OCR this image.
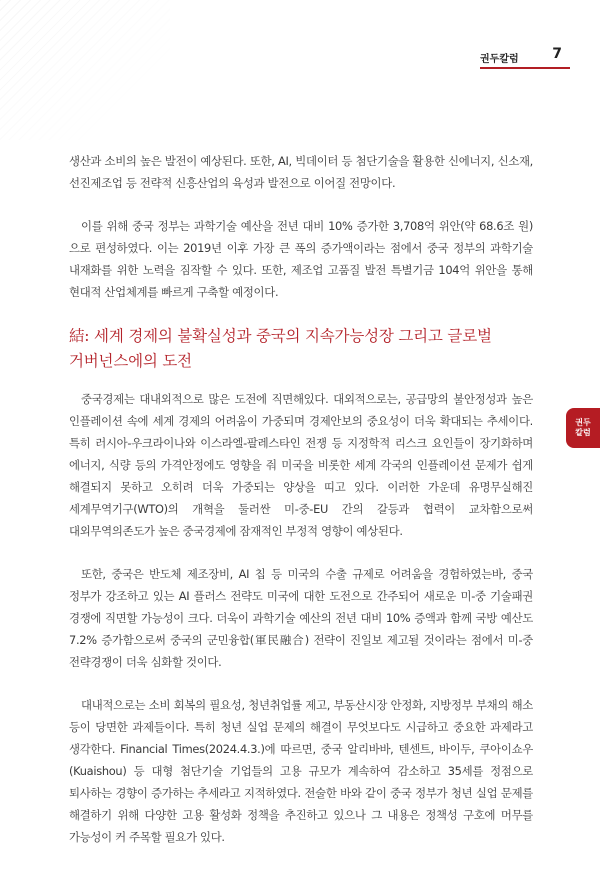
권두칼럼 7
권두
칼럼

생산과 소비의 높은 발전이 예상된다. 또한, AI, 빅데이터 등 첨단기술을 활용한 신에너지, 신소재, 선진제조업 등 전략적 신흥산업의 육성과 발전으로 이어질 전망이다.

이를 위해 중국 정부는 과학기술 예산을 전년 대비 10% 증가한 3,708억 위안(약 68.6조 원)으로 편성하였다. 이는 2019년 이후 가장 큰 폭의 증가액이라는 점에서 중국 정부의 과학기술 내재화를 위한 노력을 짐작할 수 있다. 또한, 제조업 고품질 발전 특별기금 104억 위안을 통해 현대적 산업체계를 빠르게 구축할 예정이다.

結: 세계 경제의 불확실성과 중국의 지속가능성장 그리고 글로벌 거버넌스에의 도전

중국경제는 대내외적으로 많은 도전에 직면해있다. 대외적으로는, 공급망의 불안정성과 높은 인플레이션 속에 세계 경제의 어려움이 가중되며 경제안보의 중요성이 더욱 확대되는 추세이다. 특히 러시아-우크라이나와 이스라엘-팔레스타인 전쟁 등 지정학적 리스크 요인들이 장기화하며 에너지, 식량 등의 가격안정에도 영향을 줘 미국을 비롯한 세계 각국의 인플레이션 문제가 쉽게 해결되지 못하고 오히려 더욱 가중되는 양상을 띠고 있다. 이러한 가운데 유명무실해진 세계무역기구(WTO)의 개혁을 둘러싼 미-중-EU 간의 갈등과 협력이 교차함으로써 대외무역의존도가 높은 중국경제에 잠재적인 부정적 영향이 예상된다.

또한, 중국은 반도체 제조장비, AI 칩 등 미국의 수출 규제로 어려움을 경험하였는바, 중국 정부가 강조하고 있는 AI 플러스 전략도 미국에 대한 도전으로 간주되어 새로운 미-중 기술패권 경쟁에 직면할 가능성이 크다. 더욱이 과학기술 예산의 전년 대비 10% 증액과 함께 국방 예산도 7.2% 증가함으로써 중국의 군민융합(軍民融合) 전략이 진일보 제고될 것이라는 점에서 미-중 전략경쟁이 더욱 심화할 것이다.

대내적으로는 소비 회복의 필요성, 청년취업률 제고, 부동산시장 안정화, 지방정부 부채의 해소 등이 당면한 과제들이다. 특히 청년 실업 문제의 해결이 무엇보다도 시급하고 중요한 과제라고 생각한다. Financial Times(2024.4.3.)에 따르면, 중국 알리바바, 텐센트, 바이두, 쿠아이쇼우(Kuaishou) 등 대형 첨단기술 기업들의 고용 규모가 계속하여 감소하고 35세를 정점으로 퇴사하는 경향이 증가하는 추세라고 지적하였다. 전술한 바와 같이 중국 정부가 청년 실업 문제를 해결하기 위해 다양한 고용 활성화 정책을 추진하고 있으나 그 내용은 정책성 구호에 머무를 가능성이 커 주목할 필요가 있다.
